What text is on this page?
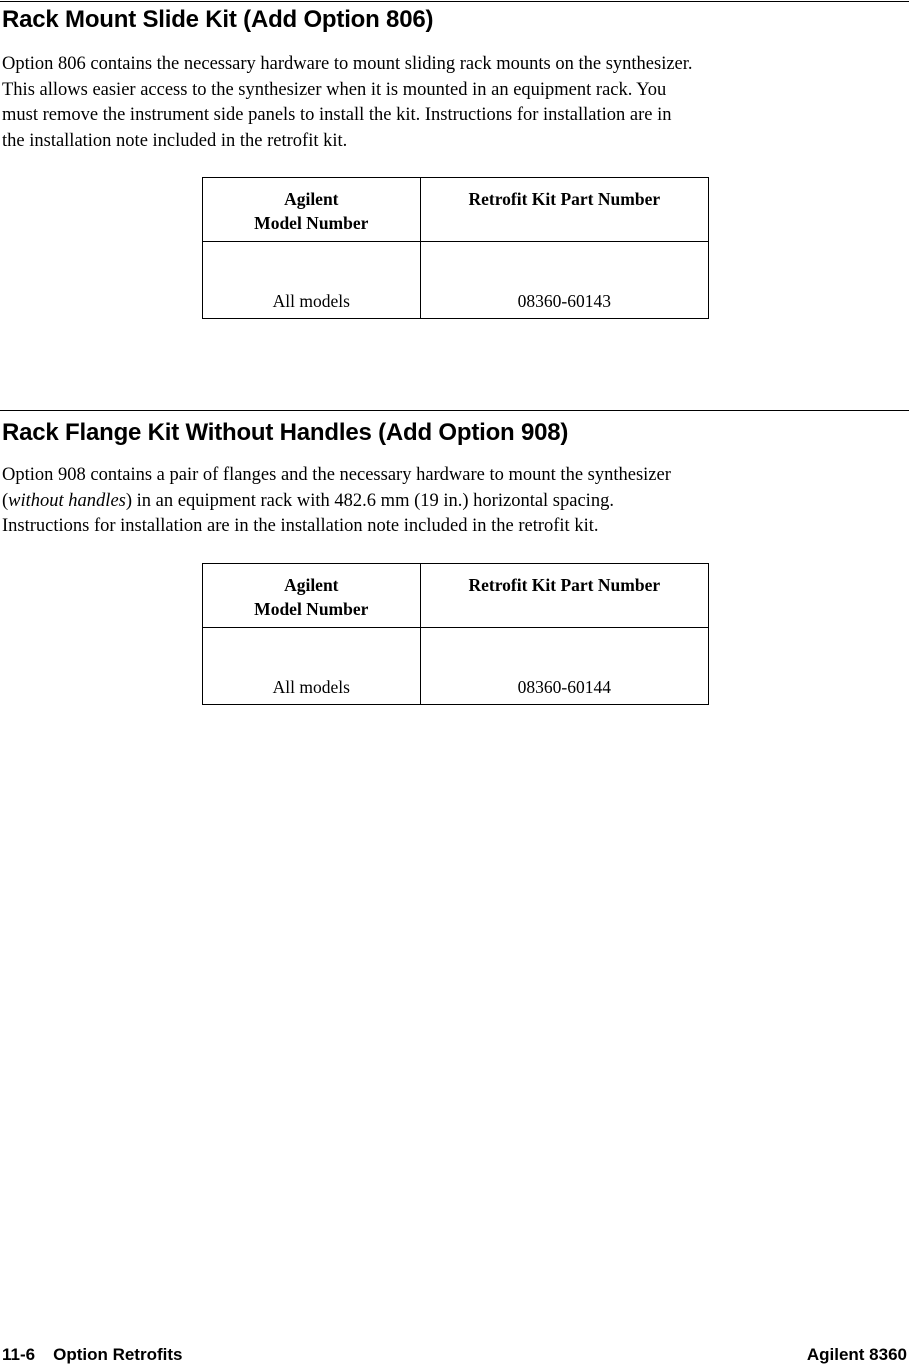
Rack Mount Slide Kit (Add Option 806)

Option 806 contains the necessary hardware to mount sliding rack mounts on the synthesizer.
This allows easier access to the synthesizer when it is mounted in an equipment rack. You
must remove the instrument side panels to install the kit. Instructions for installation are in
the installation note included in the retrofit kit.

Agilent
Model Number	Retrofit Kit Part Number
All models	08360-60143
Rack Flange Kit Without Handles (Add Option 908)

Option 908 contains a pair of flanges and the necessary hardware to mount the synthesizer
(without handles) in an equipment rack with 482.6 mm (19 in.) horizontal spacing.
Instructions for installation are in the installation note included in the retrofit kit.

Agilent
Model Number	Retrofit Kit Part Number
All models	08360-60144
11-6 Option Retrofits	Agilent 8360
